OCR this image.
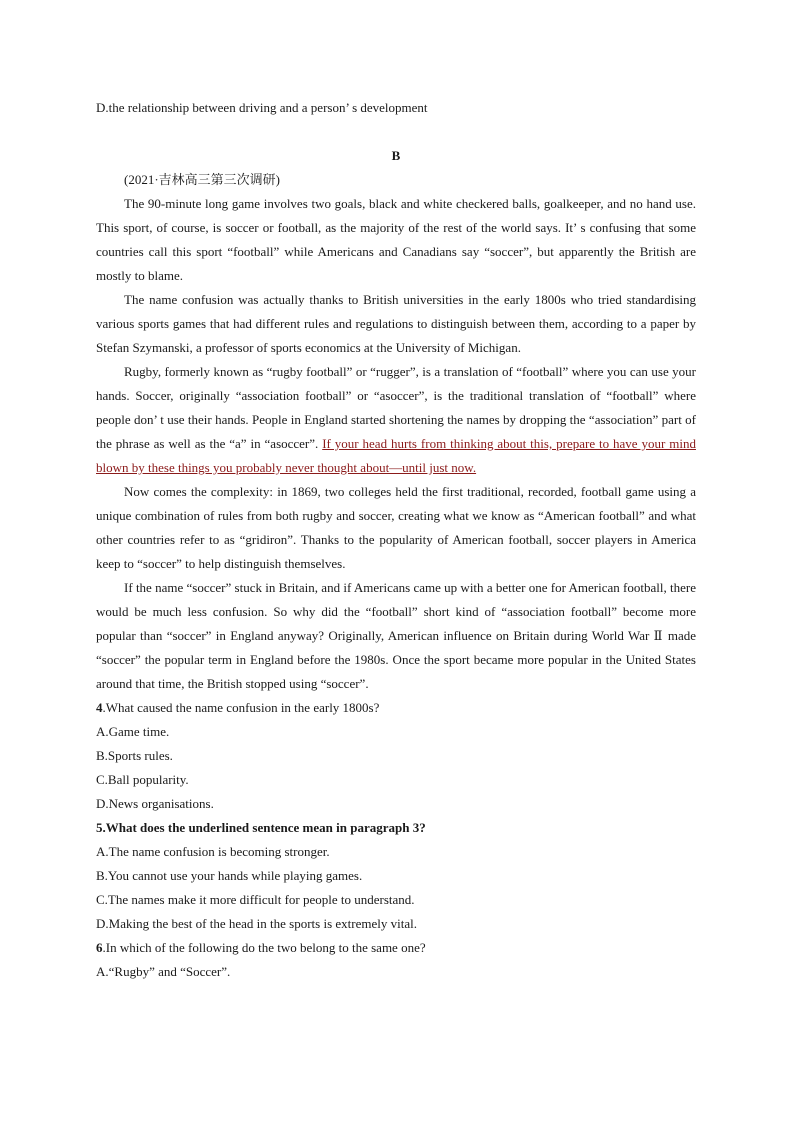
D.the relationship between driving and a person’ s development

B

(2021·吉林高三第三次调研)

The 90-minute long game involves two goals, black and white checkered balls, goalkeeper, and no hand use. This sport, of course, is soccer or football, as the majority of the rest of the world says. It’ s confusing that some countries call this sport “football” while Americans and Canadians say “soccer”, but apparently the British are mostly to blame.

The name confusion was actually thanks to British universities in the early 1800s who tried standardising various sports games that had different rules and regulations to distinguish between them, according to a paper by Stefan Szymanski, a professor of sports economics at the University of Michigan.

Rugby, formerly known as “rugby football” or “rugger”, is a translation of “football” where you can use your hands. Soccer, originally “association football” or “asoccer”, is the traditional translation of “football” where people don’ t use their hands. People in England started shortening the names by dropping the “association” part of the phrase as well as the “a” in “asoccer”. If your head hurts from thinking about this, prepare to have your mind blown by these things you probably never thought about—until just now.

Now comes the complexity: in 1869, two colleges held the first traditional, recorded, football game using a unique combination of rules from both rugby and soccer, creating what we know as “American football” and what other countries refer to as “gridiron”. Thanks to the popularity of American football, soccer players in America keep to “soccer” to help distinguish themselves.

If the name “soccer” stuck in Britain, and if Americans came up with a better one for American football, there would be much less confusion. So why did the “football” short kind of “association football” become more popular than “soccer” in England anyway? Originally, American influence on Britain during World War Ⅱ made “soccer” the popular term in England before the 1980s. Once the sport became more popular in the United States around that time, the British stopped using “soccer”.

4.What caused the name confusion in the early 1800s?

A.Game time.

B.Sports rules.

C.Ball popularity.

D.News organisations.

5.What does the underlined sentence mean in paragraph 3?

A.The name confusion is becoming stronger.

B.You cannot use your hands while playing games.

C.The names make it more difficult for people to understand.

D.Making the best of the head in the sports is extremely vital.

6.In which of the following do the two belong to the same one?

A.“Rugby” and “Soccer”.
